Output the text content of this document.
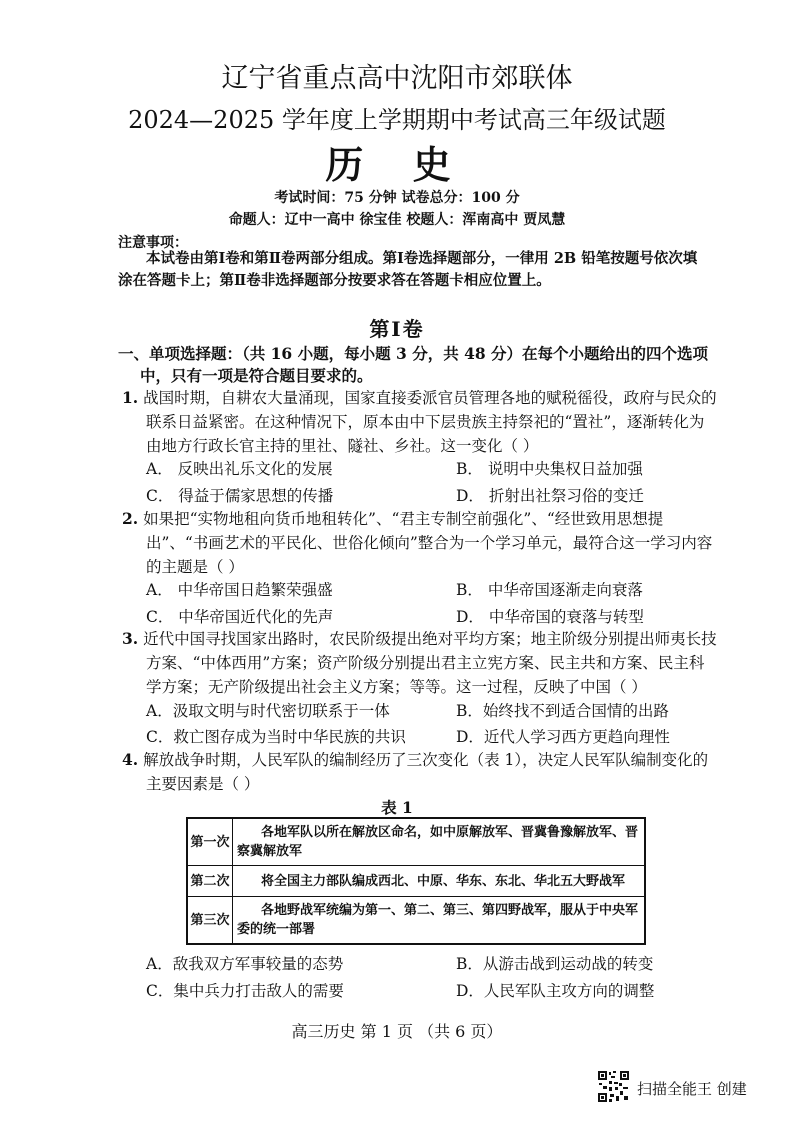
辽宁省重点高中沈阳市郊联体
2024—2025 学年度上学期期中考试高三年级试题
历 史
考试时间：75 分钟 试卷总分：100 分
命题人：辽中一高中 徐宝佳 校题人：浑南高中 贾凤慧
注意事项：
本试卷由第Ⅰ卷和第Ⅱ卷两部分组成。第Ⅰ卷选择题部分，一律用 2B 铅笔按题号依次填涂在答题卡上；第Ⅱ卷非选择题部分按要求答在答题卡相应位置上。
第Ⅰ卷
一、单项选择题：（共 16 小题，每小题 3 分，共 48 分）在每个小题给出的四个选项中，只有一项是符合题目要求的。
1. 战国时期，自耕农大量涌现，国家直接委派官员管理各地的赋税徭役，政府与民众的联系日益紧密。在这种情况下，原本由中下层贵族主持祭祀的“置社”，逐渐转化为由地方行政长官主持的里社、隧社、乡社。这一变化（ ）
A． 反映出礼乐文化的发展	B． 说明中央集权日益加强
C． 得益于儒家思想的传播	D． 折射出社祭习俗的变迁
2. 如果把“实物地租向货币地租转化”、“君主专制空前强化”、“经世致用思想提出”、“书画艺术的平民化、世俗化倾向”整合为一个学习单元，最符合这一学习内容的主题是（ ）
A． 中华帝国日趋繁荣强盛	B． 中华帝国逐渐走向衰落
C． 中华帝国近代化的先声	D． 中华帝国的衰落与转型
3. 近代中国寻找国家出路时，农民阶级提出绝对平均方案；地主阶级分别提出师夷长技方案、“中体西用”方案；资产阶级分别提出君主立宪方案、民主共和方案、民主科学方案；无产阶级提出社会主义方案；等等。这一过程，反映了中国（ ）
A．汲取文明与时代密切联系于一体	B．始终找不到适合国情的出路
C．救亡图存成为当时中华民族的共识	D．近代人学习西方更趋向理性
4. 解放战争时期，人民军队的编制经历了三次变化（表 1），决定人民军队编制变化的主要因素是（ ）
表 1
第一次	各地军队以所在解放区命名，如中原解放军、晋冀鲁豫解放军、晋察冀解放军
第二次	将全国主力部队编成西北、中原、华东、东北、华北五大野战军
第三次	各地野战军统编为第一、第二、第三、第四野战军，服从于中央军委的统一部署
A．敌我双方军事较量的态势	B．从游击战到运动战的转变
C．集中兵力打击敌人的需要	D．人民军队主攻方向的调整
高三历史 第 1 页 （共 6 页）
扫描全能王 创建
